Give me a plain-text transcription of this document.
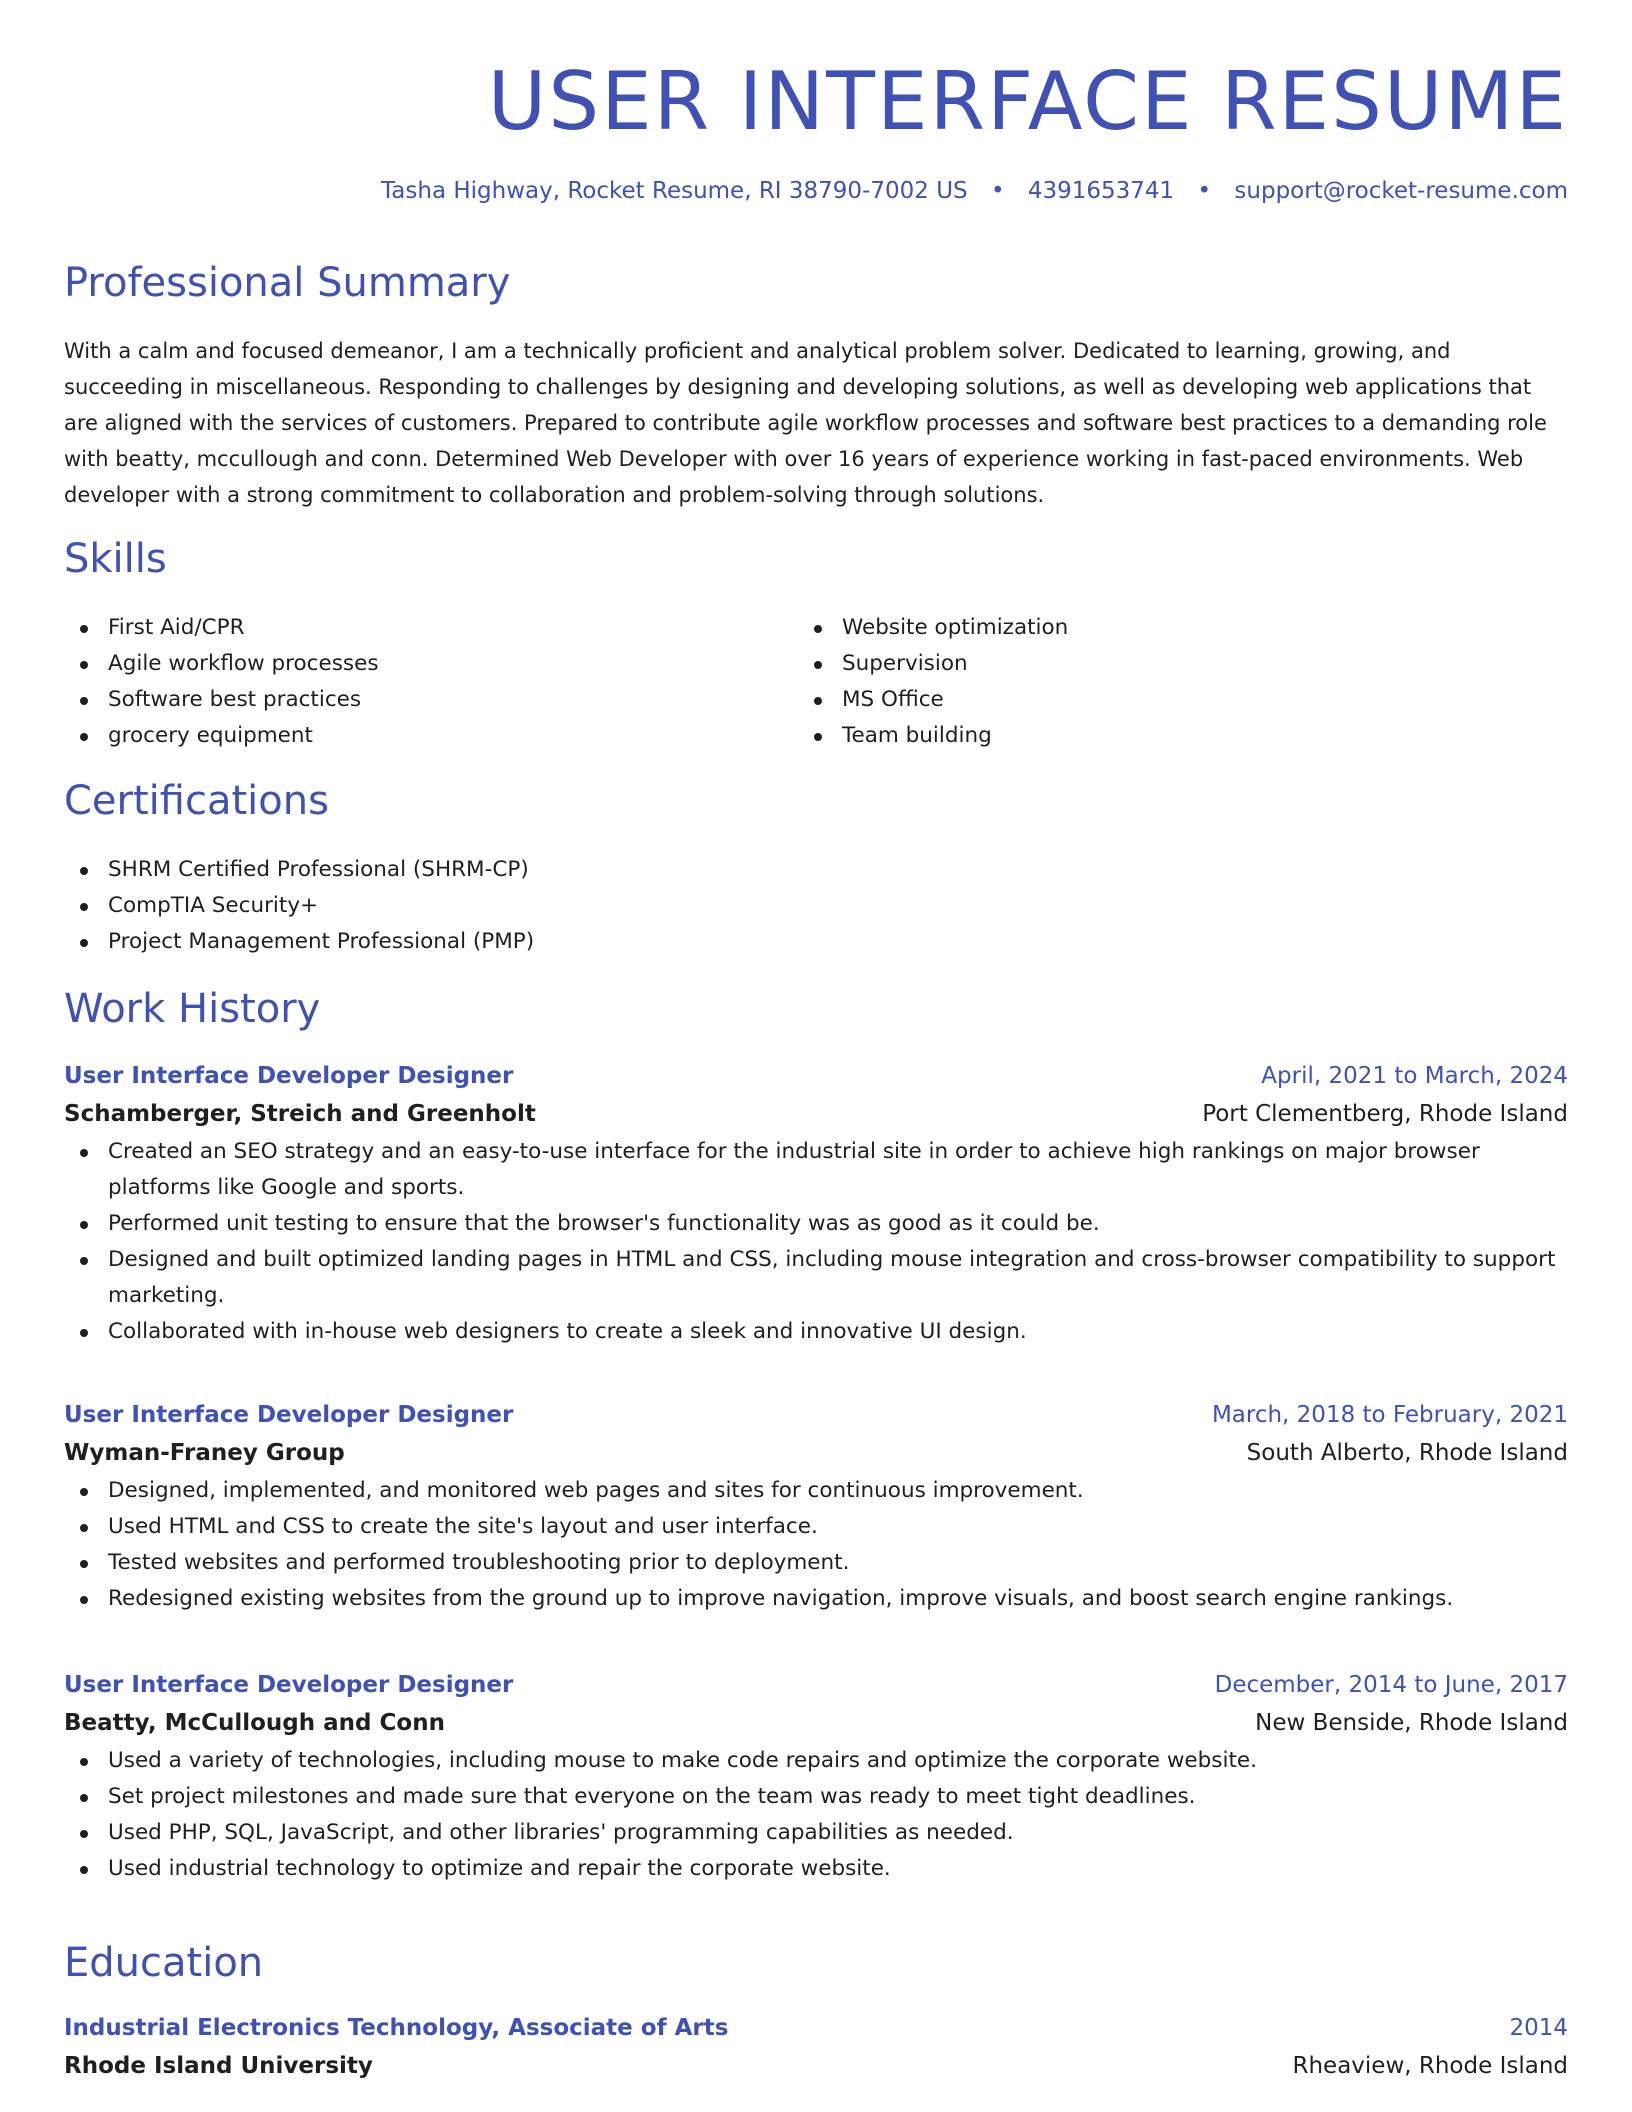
USER INTERFACE RESUME
Tasha Highway, Rocket Resume, RI 38790-7002 US • 4391653741 • support@rocket-resume.com
Professional Summary

With a calm and focused demeanor, I am a technically proficient and analytical problem solver. Dedicated to learning, growing, and succeeding in miscellaneous. Responding to challenges by designing and developing solutions, as well as developing web applications that are aligned with the services of customers. Prepared to contribute agile workflow processes and software best practices to a demanding role with beatty, mccullough and conn. Determined Web Developer with over 16 years of experience working in fast-paced environments. Web developer with a strong commitment to collaboration and problem-solving through solutions.

Skills
First Aid/CPR
Agile workflow processes
Software best practices
grocery equipment
Website optimization
Supervision
MS Office
Team building
Certifications
SHRM Certified Professional (SHRM-CP)
CompTIA Security+
Project Management Professional (PMP)
Work History
User Interface Developer Designer	April, 2021 to March, 2024
Schamberger, Streich and Greenholt	Port Clementberg, Rhode Island
Created an SEO strategy and an easy-to-use interface for the industrial site in order to achieve high rankings on major browser platforms like Google and sports.
Performed unit testing to ensure that the browser's functionality was as good as it could be.
Designed and built optimized landing pages in HTML and CSS, including mouse integration and cross-browser compatibility to support marketing.
Collaborated with in-house web designers to create a sleek and innovative UI design.
User Interface Developer Designer	March, 2018 to February, 2021
Wyman-Franey Group	South Alberto, Rhode Island
Designed, implemented, and monitored web pages and sites for continuous improvement.
Used HTML and CSS to create the site's layout and user interface.
Tested websites and performed troubleshooting prior to deployment.
Redesigned existing websites from the ground up to improve navigation, improve visuals, and boost search engine rankings.
User Interface Developer Designer	December, 2014 to June, 2017
Beatty, McCullough and Conn	New Benside, Rhode Island
Used a variety of technologies, including mouse to make code repairs and optimize the corporate website.
Set project milestones and made sure that everyone on the team was ready to meet tight deadlines.
Used PHP, SQL, JavaScript, and other libraries' programming capabilities as needed.
Used industrial technology to optimize and repair the corporate website.
Education
Industrial Electronics Technology, Associate of Arts	2014
Rhode Island University	Rheaview, Rhode Island
